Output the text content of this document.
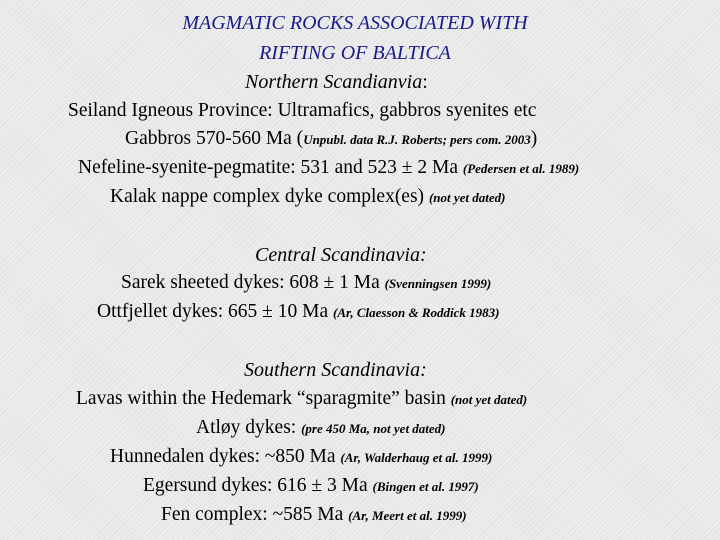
MAGMATIC ROCKS ASSOCIATED WITH
RIFTING OF BALTICA
Northern Scandianvia:
Seiland Igneous Province: Ultramafics, gabbros syenites etc
Gabbros 570-560 Ma (Unpubl. data R.J. Roberts; pers com. 2003)
Nefeline-syenite-pegmatite: 531 and 523 ± 2 Ma (Pedersen et al. 1989)
Kalak nappe complex dyke complex(es) (not yet dated)
Central Scandinavia:
Sarek sheeted dykes: 608 ± 1 Ma (Svenningsen 1999)
Ottfjellet dykes: 665 ± 10 Ma (Ar, Claesson & Roddick 1983)
Southern Scandinavia:
Lavas within the Hedemark “sparagmite” basin (not yet dated)
Atløy dykes: (pre 450 Ma, not yet dated)
Hunnedalen dykes: ~850 Ma (Ar, Walderhaug et al. 1999)
Egersund dykes: 616 ± 3 Ma (Bingen et al. 1997)
Fen complex: ~585 Ma (Ar, Meert et al. 1999)
